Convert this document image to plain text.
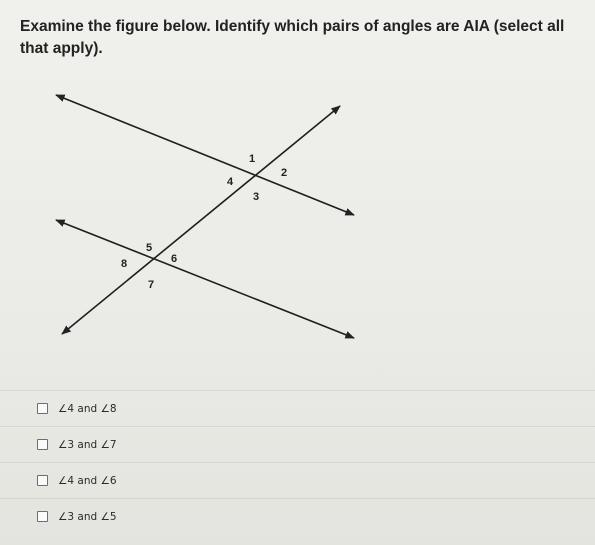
Examine the figure below. Identify which pairs of angles are AIA (select all that apply).
1
2
3
4
5
6
7
8
∠4 and ∠8
∠3 and ∠7
∠4 and ∠6
∠3 and ∠5
